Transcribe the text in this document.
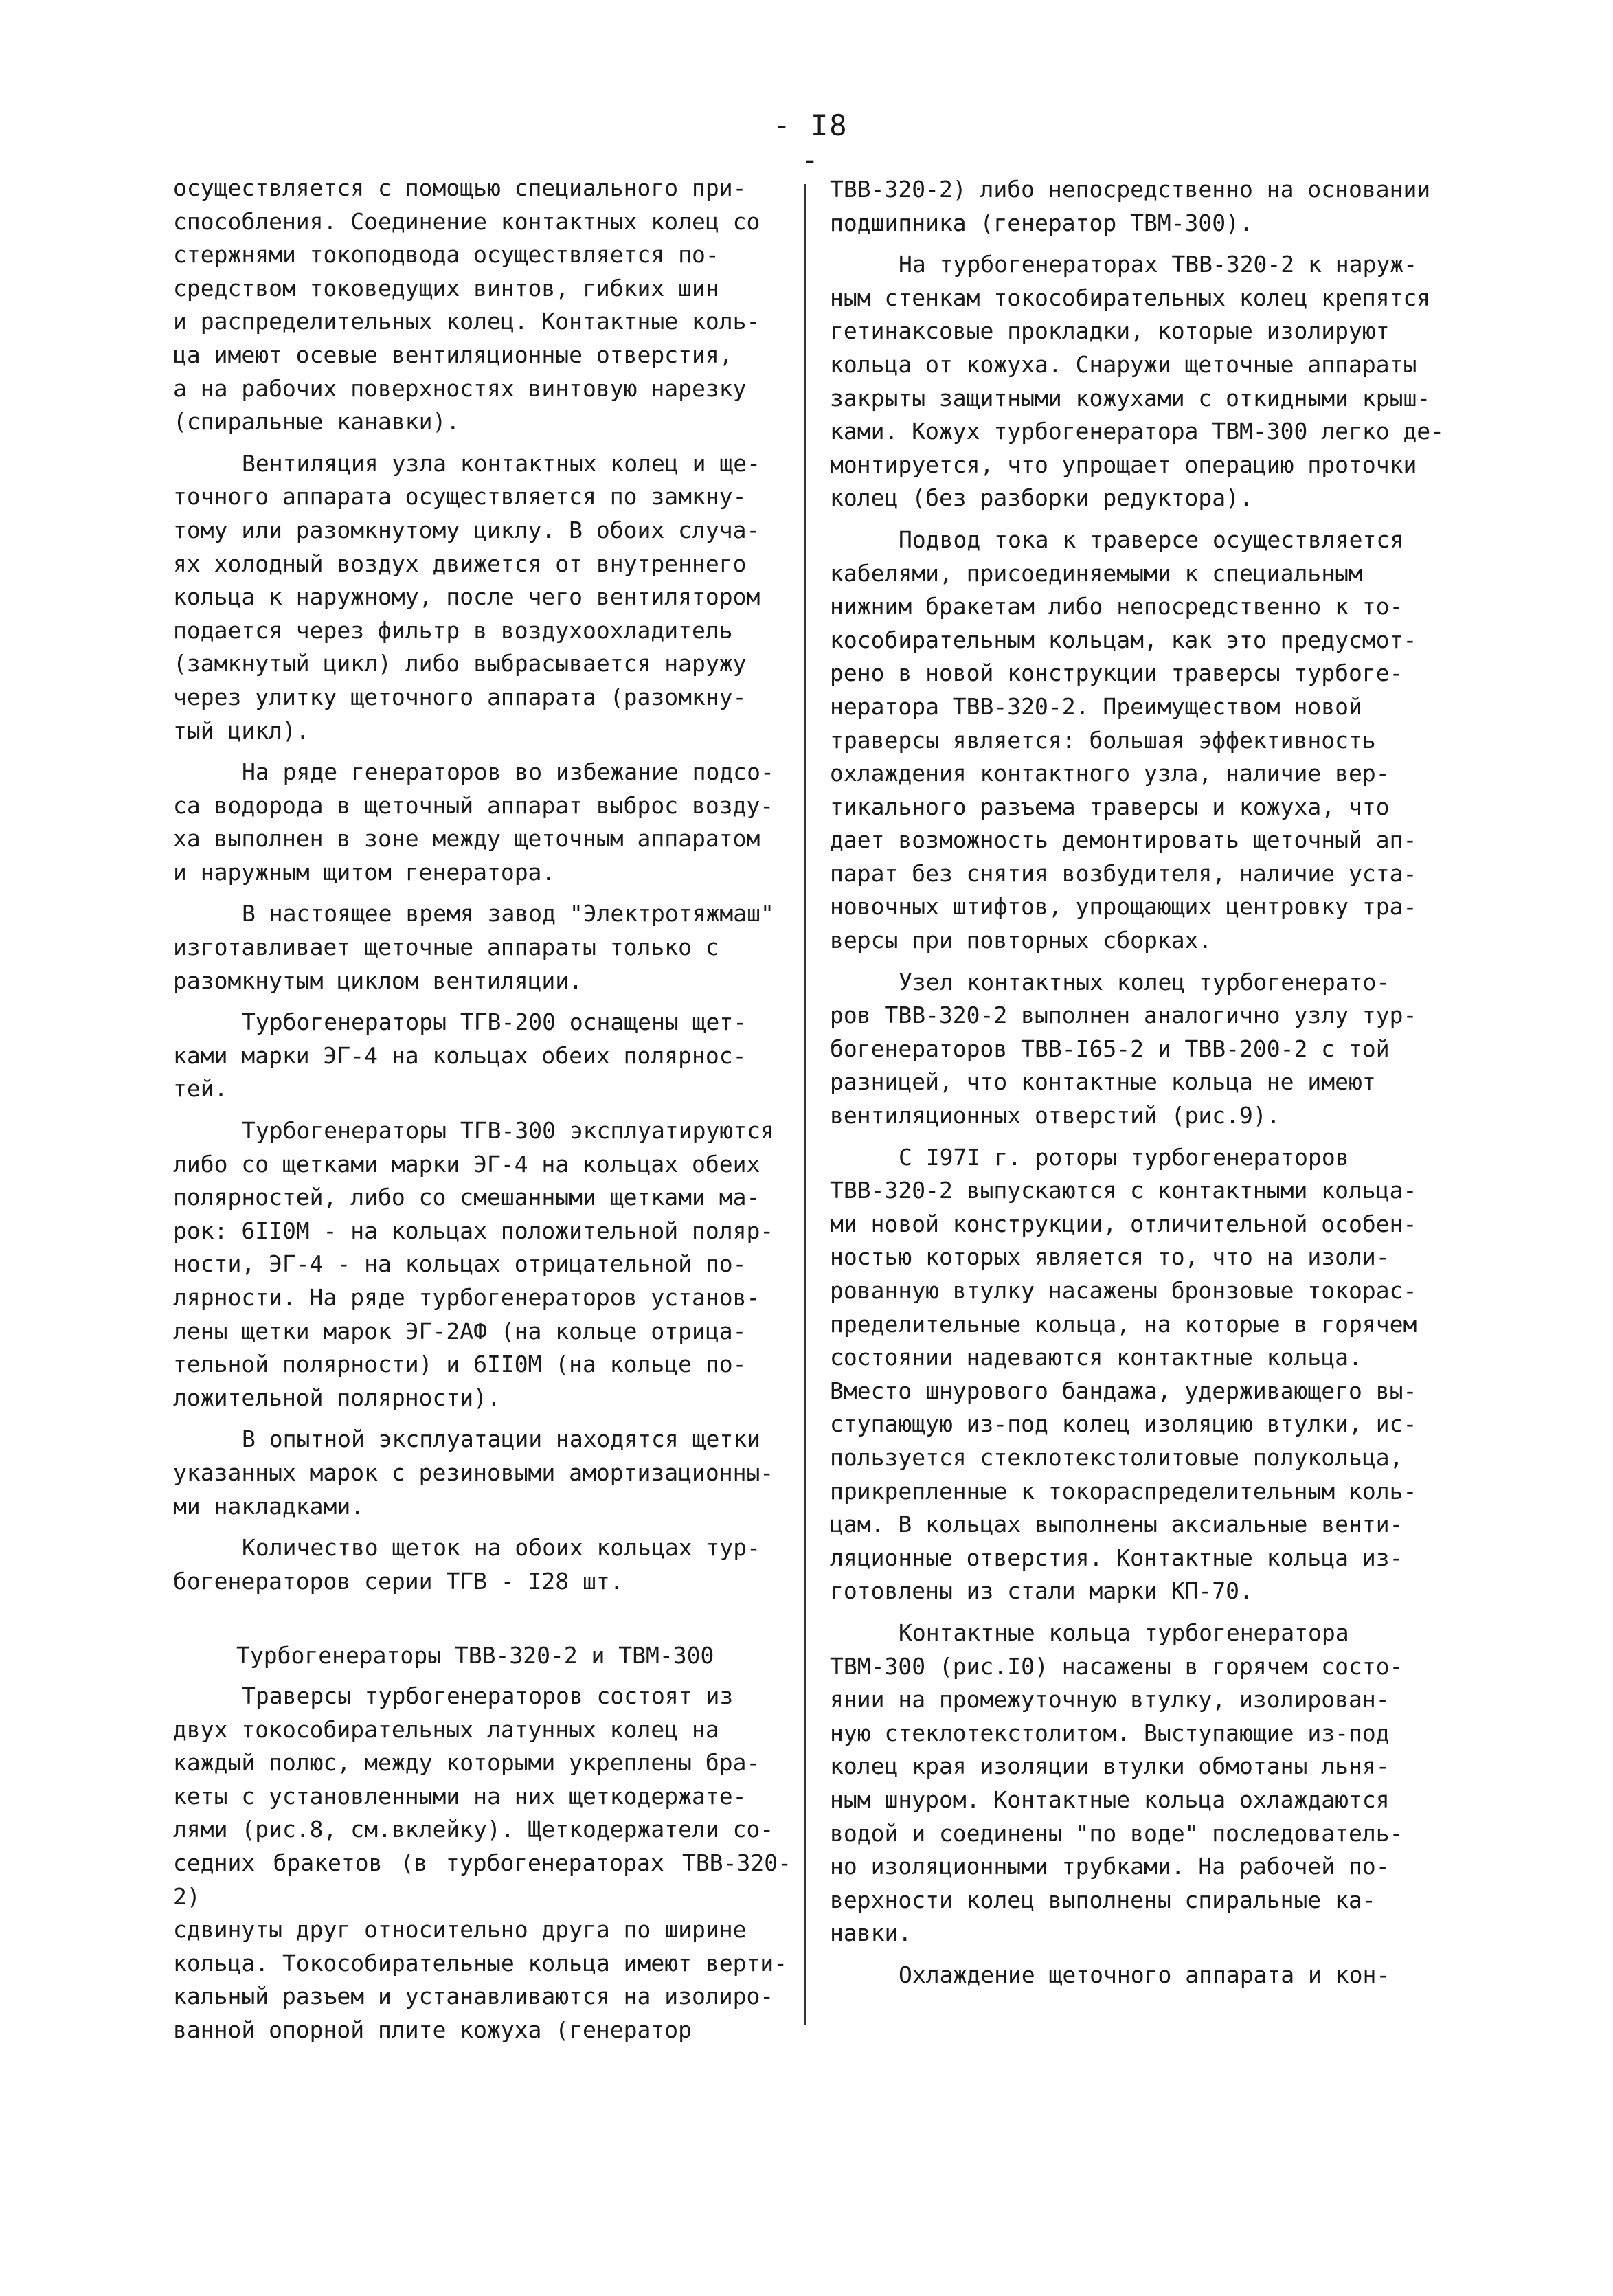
- I8 -

осуществляется с помощью специального при-
способления. Соединение контактных колец со
стержнями токоподвода осуществляется по-
средством токоведущих винтов, гибких шин
и распределительных колец. Контактные коль-
ца имеют осевые вентиляционные отверстия,
а на рабочих поверхностях винтовую нарезку
(спиральные канавки).

Вентиляция узла контактных колец и ще-
точного аппарата осуществляется по замкну-
тому или разомкнутому циклу. В обоих случа-
ях холодный воздух движется от внутреннего
кольца к наружному, после чего вентилятором
подается через фильтр в воздухоохладитель
(замкнутый цикл) либо выбрасывается наружу
через улитку щеточного аппарата (разомкну-
тый цикл).

На ряде генераторов во избежание подсо-
са водорода в щеточный аппарат выброс возду-
ха выполнен в зоне между щеточным аппаратом
и наружным щитом генератора.

В настоящее время завод "Электротяжмаш"
изготавливает щеточные аппараты только с
разомкнутым циклом вентиляции.

Турбогенераторы ТГВ-200 оснащены щет-
ками марки ЭГ-4 на кольцах обеих полярнос-
тей.

Турбогенераторы ТГВ-300 эксплуатируются
либо со щетками марки ЭГ-4 на кольцах обеих
полярностей, либо со смешанными щетками ма-
рок: 6II0M - на кольцах положительной поляр-
ности, ЭГ-4 - на кольцах отрицательной по-
лярности. На ряде турбогенераторов установ-
лены щетки марок ЭГ-2АФ (на кольце отрица-
тельной полярности) и 6II0M (на кольце по-
ложительной полярности).

В опытной эксплуатации находятся щетки
указанных марок с резиновыми амортизационны-
ми накладками.

Количество щеток на обоих кольцах тур-
богенераторов серии ТГВ - I28 шт.

Турбогенераторы ТВВ-320-2 и ТВМ-300

Траверсы турбогенераторов состоят из
двух токособирательных латунных колец на
каждый полюс, между которыми укреплены бра-
кеты с установленными на них щеткодержате-
лями (рис.8, см.вклейку). Щеткодержатели со-
седних бракетов (в турбогенераторах ТВВ-320-2)
сдвинуты друг относительно друга по ширине
кольца. Токособирательные кольца имеют верти-
кальный разъем и устанавливаются на изолиро-
ванной опорной плите кожуха (генератор

ТВВ-320-2) либо непосредственно на основании
подшипника (генератор ТВМ-300).

На турбогенераторах ТВВ-320-2 к наруж-
ным стенкам токособирательных колец крепятся
гетинаксовые прокладки, которые изолируют
кольца от кожуха. Снаружи щеточные аппараты
закрыты защитными кожухами с откидными крыш-
ками. Кожух турбогенератора ТВМ-300 легко де-
монтируется, что упрощает операцию проточки
колец (без разборки редуктора).

Подвод тока к траверсе осуществляется
кабелями, присоединяемыми к специальным
нижним бракетам либо непосредственно к то-
кособирательным кольцам, как это предусмот-
рено в новой конструкции траверсы турбоге-
нератора ТВВ-320-2. Преимуществом новой
траверсы является: большая эффективность
охлаждения контактного узла, наличие вер-
тикального разъема траверсы и кожуха, что
дает возможность демонтировать щеточный ап-
парат без снятия возбудителя, наличие уста-
новочных штифтов, упрощающих центровку тра-
версы при повторных сборках.

Узел контактных колец турбогенерато-
ров ТВВ-320-2 выполнен аналогично узлу тур-
богенераторов ТВВ-I65-2 и ТВВ-200-2 с той
разницей, что контактные кольца не имеют
вентиляционных отверстий (рис.9).

С I97I г. роторы турбогенераторов
ТВВ-320-2 выпускаются с контактными кольца-
ми новой конструкции, отличительной особен-
ностью которых является то, что на изоли-
рованную втулку насажены бронзовые токорас-
пределительные кольца, на которые в горячем
состоянии надеваются контактные кольца.
Вместо шнурового бандажа, удерживающего вы-
ступающую из-под колец изоляцию втулки, ис-
пользуется стеклотекстолитовые полукольца,
прикрепленные к токораспределительным коль-
цам. В кольцах выполнены аксиальные венти-
ляционные отверстия. Контактные кольца из-
готовлены из стали марки КП-70.

Контактные кольца турбогенератора
ТВМ-300 (рис.I0) насажены в горячем состо-
янии на промежуточную втулку, изолирован-
ную стеклотекстолитом. Выступающие из-под
колец края изоляции втулки обмотаны льня-
ным шнуром. Контактные кольца охлаждаются
водой и соединены "по воде" последователь-
но изоляционными трубками. На рабочей по-
верхности колец выполнены спиральные ка-
навки.

Охлаждение щеточного аппарата и кон-
